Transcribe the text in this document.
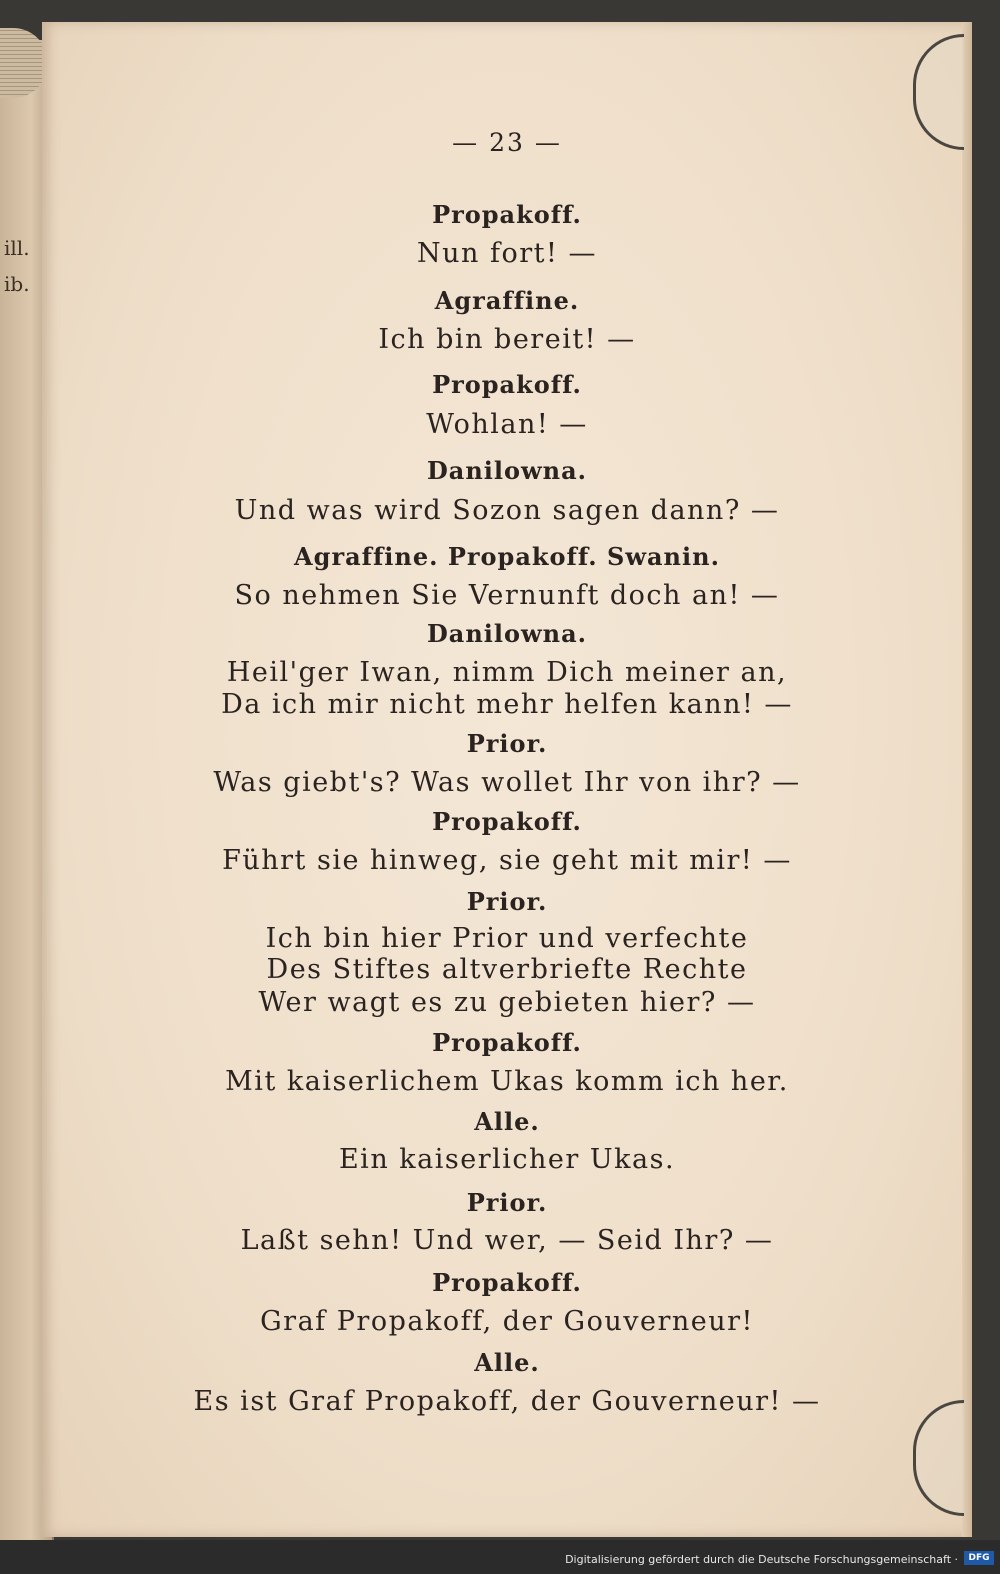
ill.
ib.
— 23 —
Propakoff.
Nun fort! —
Agraffine.
Ich bin bereit! —
Propakoff.
Wohlan! —
Danilowna.
Und was wird Sozon sagen dann? —
Agraffine. Propakoff. Swanin.
So nehmen Sie Vernunft doch an! —
Danilowna.
Heil'ger Iwan, nimm Dich meiner an,
Da ich mir nicht mehr helfen kann! —
Prior.
Was giebt's? Was wollet Ihr von ihr? —
Propakoff.
Führt sie hinweg, sie geht mit mir! —
Prior.
Ich bin hier Prior und verfechte
Des Stiftes altverbriefte Rechte
Wer wagt es zu gebieten hier? —
Propakoff.
Mit kaiserlichem Ukas komm ich her.
Alle.
Ein kaiserlicher Ukas.
Prior.
Laßt sehn! Und wer, — Seid Ihr? —
Propakoff.
Graf Propakoff, der Gouverneur!
Alle.
Es ist Graf Propakoff, der Gouverneur! —
Digitalisierung gefördert durch die Deutsche Forschungsgemeinschaft ·	DFG
